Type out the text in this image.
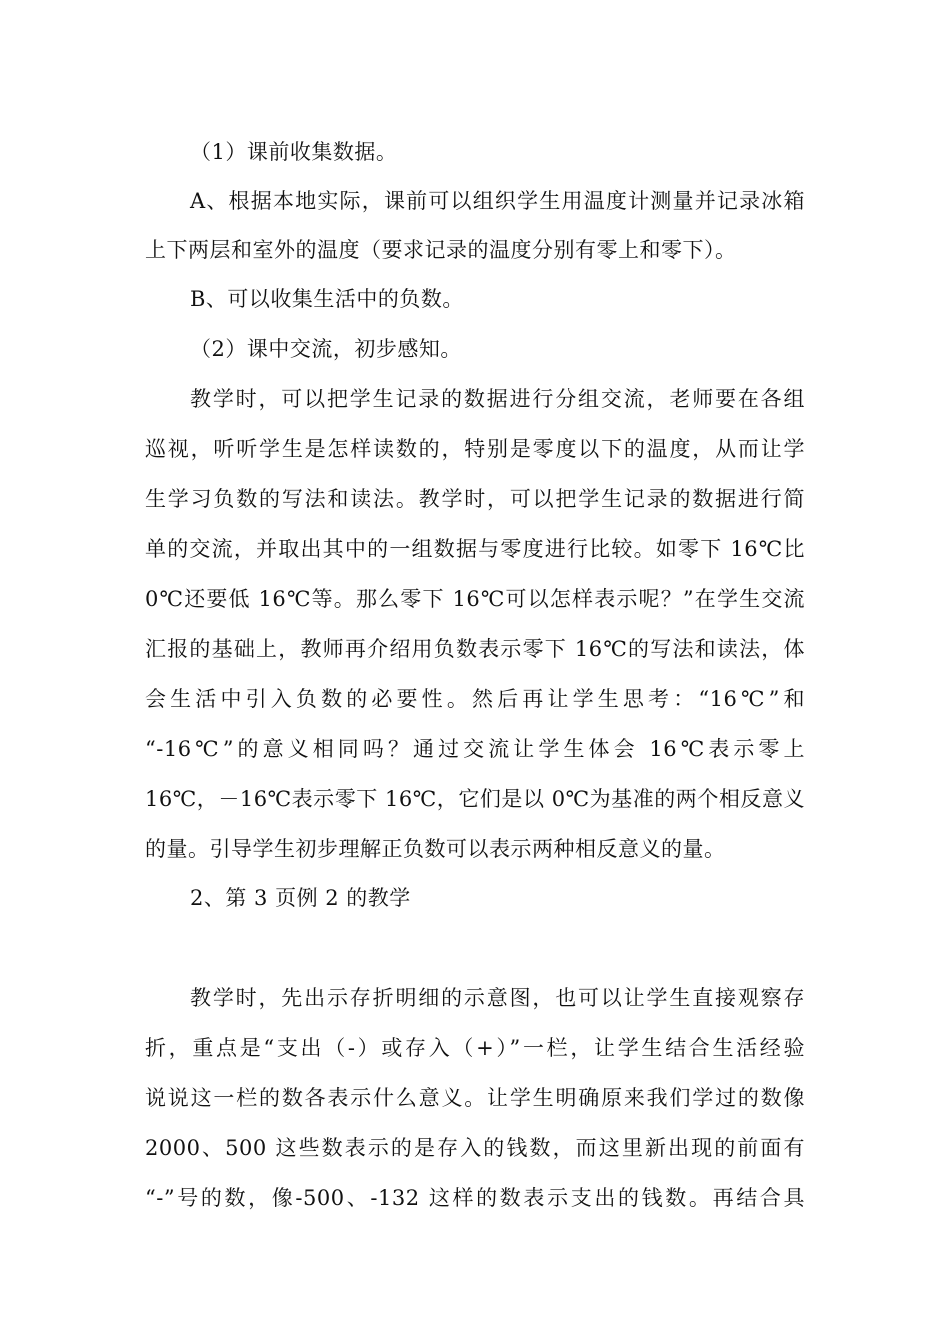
（1）课前收集数据。
A、根据本地实际，课前可以组织学生用温度计测量并记录冰箱
上下两层和室外的温度（要求记录的温度分别有零上和零下）。
B、可以收集生活中的负数。
（2）课中交流，初步感知。
教学时，可以把学生记录的数据进行分组交流，老师要在各组
巡视，听听学生是怎样读数的，特别是零度以下的温度，从而让学
生学习负数的写法和读法。教学时，可以把学生记录的数据进行简
单的交流，并取出其中的一组数据与零度进行比较。如零下 16℃比
0℃还要低 16℃等。那么零下 16℃可以怎样表示呢？”在学生交流
汇报的基础上，教师再介绍用负数表示零下 16℃的写法和读法，体
会生活中引入负数的必要性。然后再让学生思考：“16℃”和
“-16℃”的意义相同吗？通过交流让学生体会 16℃表示零上
16℃，－16℃表示零下 16℃，它们是以 0℃为基准的两个相反意义
的量。引导学生初步理解正负数可以表示两种相反意义的量。
2、第 3 页例 2 的教学
教学时，先出示存折明细的示意图，也可以让学生直接观察存
折，重点是“支出（-）或存入（+）”一栏，让学生结合生活经验
说说这一栏的数各表示什么意义。让学生明确原来我们学过的数像
2000、500 这些数表示的是存入的钱数，而这里新出现的前面有
“-”号的数，像-500、-132 这样的数表示支出的钱数。再结合具
